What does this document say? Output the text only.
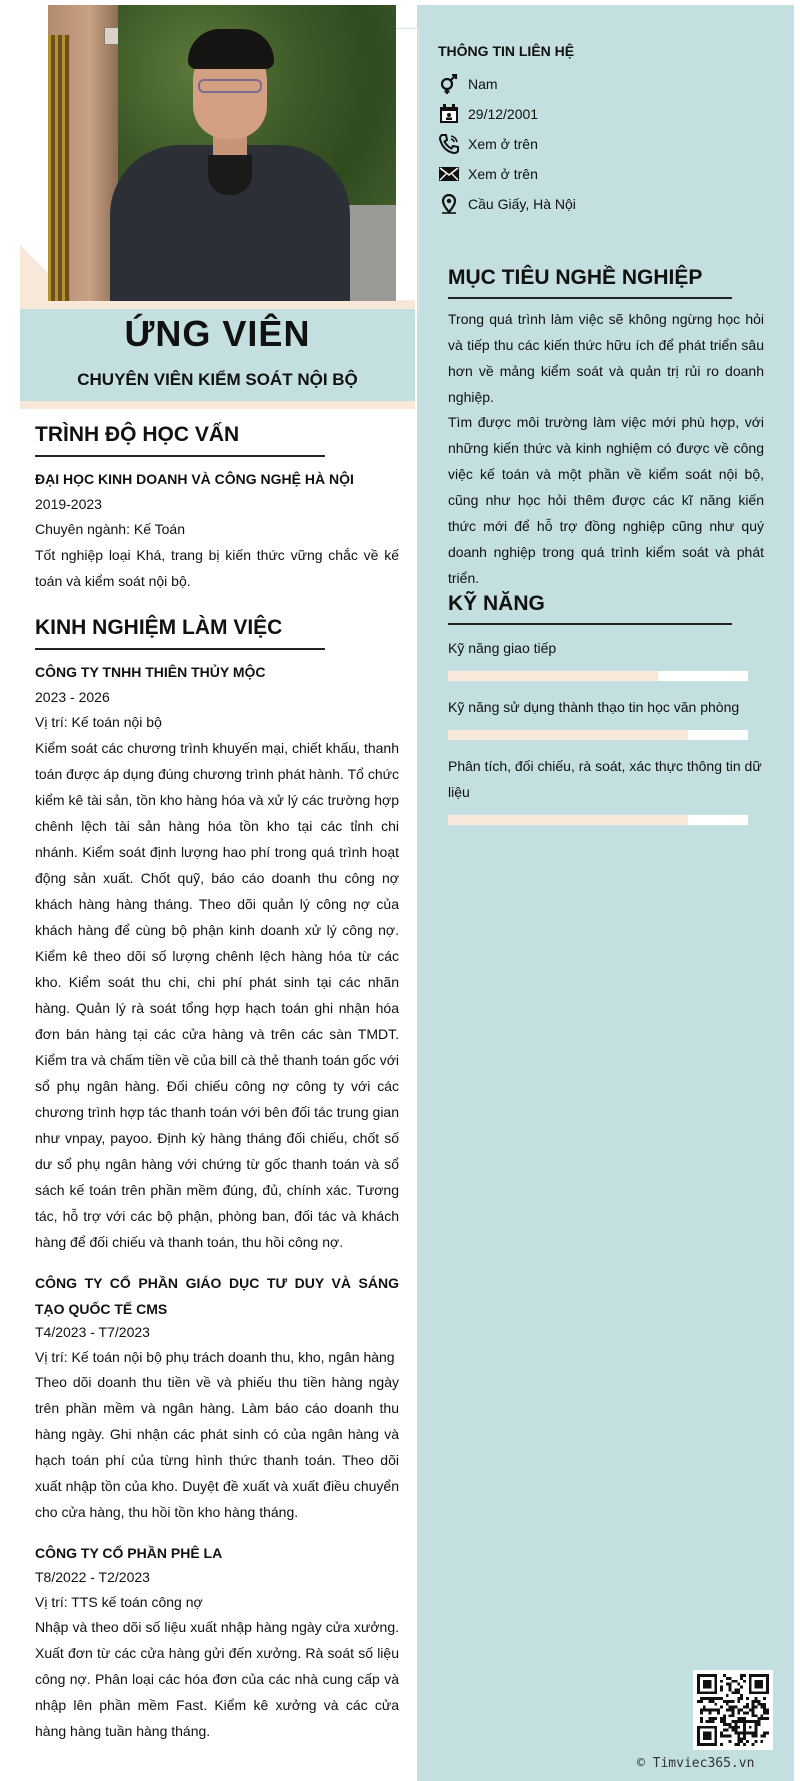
ỨNG VIÊN
CHUYÊN VIÊN KIỂM SOÁT NỘI BỘ
TRÌNH ĐỘ HỌC VẤN
ĐẠI HỌC KINH DOANH VÀ CÔNG NGHỆ HÀ NỘI
2019-2023
Chuyên ngành: Kế Toán
Tốt nghiệp loại Khá, trang bị kiến thức vững chắc về kế toán và kiểm soát nội bộ.
KINH NGHIỆM LÀM VIỆC
CÔNG TY TNHH THIÊN THỦY MỘC
2023 - 2026
Vị trí: Kế toán nội bộ
Kiểm soát các chương trình khuyến mại, chiết khấu, thanh toán được áp dụng đúng chương trình phát hành. Tổ chức kiểm kê tài sản, tồn kho hàng hóa và xử lý các trường hợp chênh lệch tài sản hàng hóa tồn kho tại các tỉnh chi nhánh. Kiểm soát định lượng hao phí trong quá trình hoạt động sản xuất. Chốt quỹ, báo cáo doanh thu công nợ khách hàng hàng tháng. Theo dõi quản lý công nợ của khách hàng để cùng bộ phận kinh doanh xử lý công nợ. Kiểm kê theo dõi số lượng chênh lệch hàng hóa từ các kho. Kiểm soát thu chi, chi phí phát sinh tại các nhãn hàng. Quản lý rà soát tổng hợp hạch toán ghi nhận hóa đơn bán hàng tại các cửa hàng và trên các sàn TMDT. Kiểm tra và chấm tiền về của bill cà thẻ thanh toán gốc với sổ phụ ngân hàng. Đối chiếu công nợ công ty với các chương trình hợp tác thanh toán với bên đối tác trung gian như vnpay, payoo. Định kỳ hàng tháng đối chiếu, chốt số dư sổ phụ ngân hàng với chứng từ gốc thanh toán và sổ sách kế toán trên phần mềm đúng, đủ, chính xác. Tương tác, hỗ trợ với các bộ phận, phòng ban, đối tác và khách hàng để đối chiếu và thanh toán, thu hồi công nợ.
CÔNG TY CỔ PHẦN GIÁO DỤC TƯ DUY VÀ SÁNG TẠO QUỐC TẾ CMS
T4/2023 - T7/2023
Vị trí: Kế toán nội bộ phụ trách doanh thu, kho, ngân hàng
Theo dõi doanh thu tiền về và phiếu thu tiền hàng ngày trên phần mềm và ngân hàng. Làm báo cáo doanh thu hàng ngày. Ghi nhận các phát sinh có của ngân hàng và hạch toán phí của từng hình thức thanh toán. Theo dõi xuất nhập tồn của kho. Duyệt đề xuất và xuất điều chuyển cho cửa hàng, thu hồi tồn kho hàng tháng.
CÔNG TY CỔ PHẦN PHÊ LA
T8/2022 - T2/2023
Vị trí: TTS kế toán công nợ
Nhập và theo dõi số liệu xuất nhập hàng ngày cửa xưởng. Xuất đơn từ các cửa hàng gửi đến xưởng. Rà soát số liệu công nợ. Phân loại các hóa đơn của các nhà cung cấp và nhập lên phần mềm Fast. Kiểm kê xưởng và các cửa hàng hàng tuần hàng tháng.
THÔNG TIN LIÊN HỆ
Nam
29/12/2001
Xem ở trên
Xem ở trên
Cầu Giấy, Hà Nội
MỤC TIÊU NGHỀ NGHIỆP
Trong quá trình làm việc sẽ không ngừng học hỏi và tiếp thu các kiến thức hữu ích để phát triển sâu hơn về mảng kiểm soát và quản trị rủi ro doanh nghiệp.
Tìm được môi trường làm việc mới phù hợp, với những kiến thức và kinh nghiệm có được về công việc kế toán và một phần về kiểm soát nội bộ, cũng như học hỏi thêm được các kĩ năng kiến thức mới để hỗ trợ đồng nghiệp cũng như quý doanh nghiệp trong quá trình kiểm soát và phát triển.
KỸ NĂNG
Kỹ năng giao tiếp
Kỹ năng sử dụng thành thạo tin học văn phòng
Phân tích, đối chiếu, rà soát, xác thực thông tin dữ liệu
© Timviec365.vn
